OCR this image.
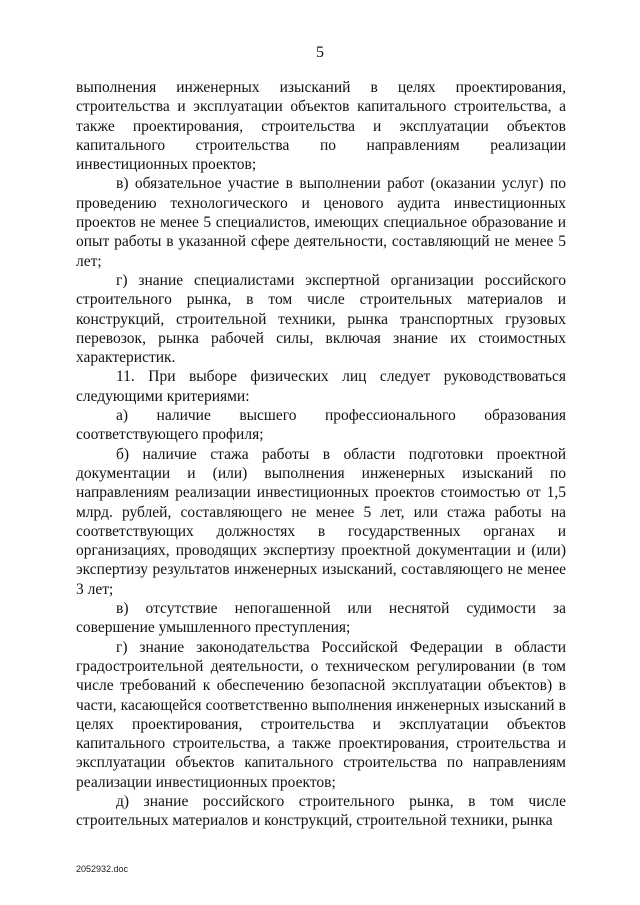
5

выполнения инженерных изысканий в целях проектирования, строительства и эксплуатации объектов капитального строительства, а также проектирования, строительства и эксплуатации объектов капитального строительства по направлениям реализации инвестиционных проектов;

в) обязательное участие в выполнении работ (оказании услуг) по проведению технологического и ценового аудита инвестиционных проектов не менее 5 специалистов, имеющих специальное образование и опыт работы в указанной сфере деятельности, составляющий не менее 5 лет;

г) знание специалистами экспертной организации российского строительного рынка, в том числе строительных материалов и конструкций, строительной техники, рынка транспортных грузовых перевозок, рынка рабочей силы, включая знание их стоимостных характеристик.

11. При выборе физических лиц следует руководствоваться следующими критериями:

а) наличие высшего профессионального образования соответствующего профиля;

б) наличие стажа работы в области подготовки проектной документации и (или) выполнения инженерных изысканий по направлениям реализации инвестиционных проектов стоимостью от 1,5 млрд. рублей, составляющего не менее 5 лет, или стажа работы на соответствующих должностях в государственных органах и организациях, проводящих экспертизу проектной документации и (или) экспертизу результатов инженерных изысканий, составляющего не менее 3 лет;

в) отсутствие непогашенной или неснятой судимости за совершение умышленного преступления;

г) знание законодательства Российской Федерации в области градостроительной деятельности, о техническом регулировании (в том числе требований к обеспечению безопасной эксплуатации объектов) в части, касающейся соответственно выполнения инженерных изысканий в целях проектирования, строительства и эксплуатации объектов капитального строительства, а также проектирования, строительства и эксплуатации объектов капитального строительства по направлениям реализации инвестиционных проектов;

д) знание российского строительного рынка, в том числе строительных материалов и конструкций, строительной техники, рынка

2052932.doc
